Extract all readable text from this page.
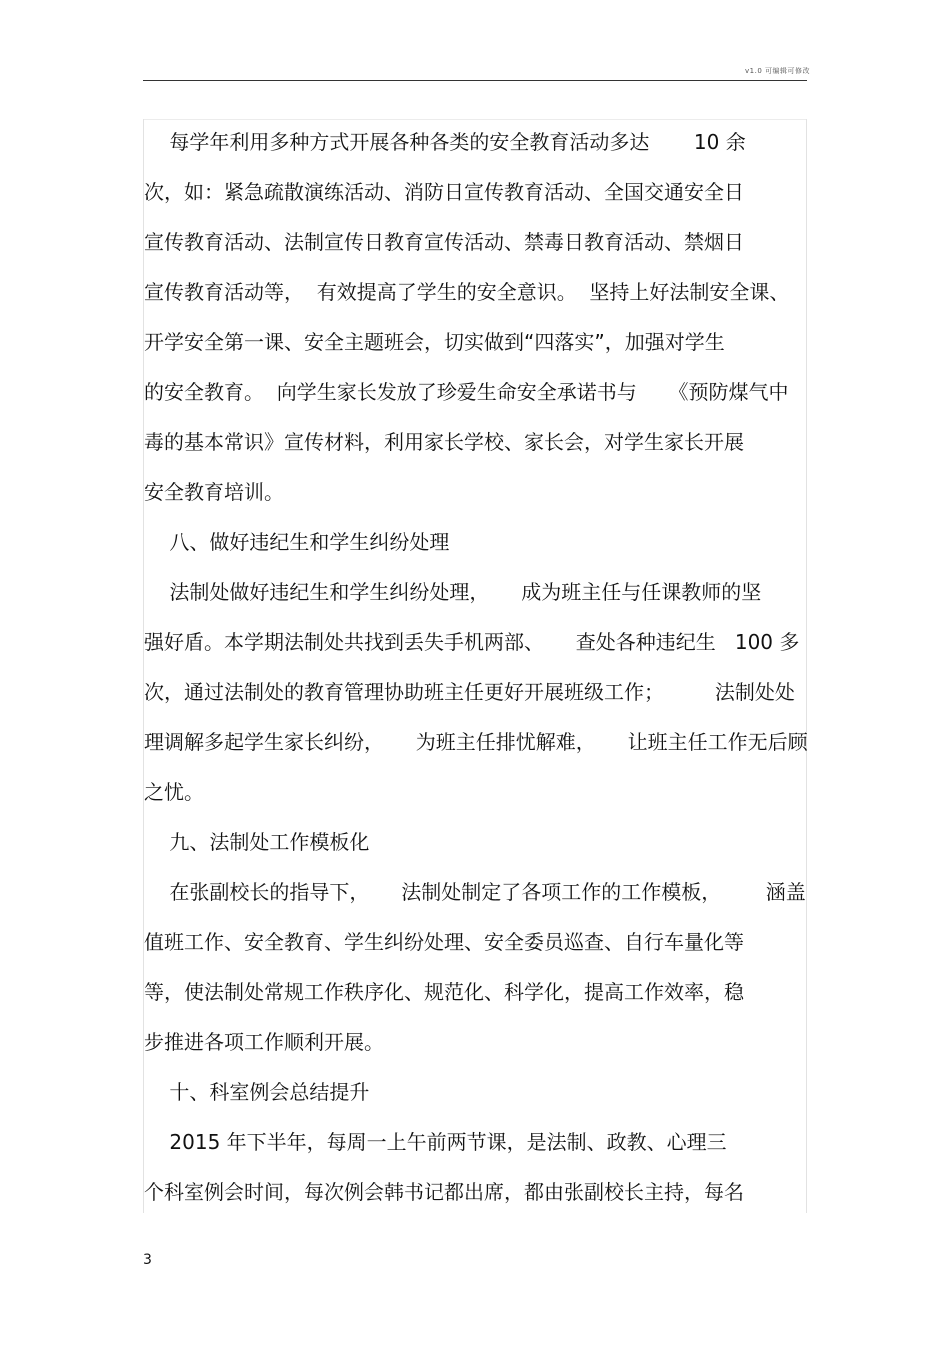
v1.0 可编辑可修改
每学年利用多种方式开展各种各类的安全教育活动多达       10 余
次，如：紧急疏散演练活动、消防日宣传教育活动、全国交通安全日
宣传教育活动、法制宣传日教育宣传活动、禁毒日教育活动、禁烟日
宣传教育活动等，  有效提高了学生的安全意识。  坚持上好法制安全课、
开学安全第一课、安全主题班会，切实做到“四落实”，加强对学生
的安全教育。  向学生家长发放了珍爱生命安全承诺书与     《预防煤气中
毒的基本常识》宣传材料，利用家长学校、家长会，对学生家长开展
安全教育培训。
八、做好违纪生和学生纠纷处理
法制处做好违纪生和学生纠纷处理，     成为班主任与任课教师的坚
强好盾。本学期法制处共找到丢失手机两部、     查处各种违纪生   100 多
次，通过法制处的教育管理协助班主任更好开展班级工作；        法制处处
理调解多起学生家长纠纷，     为班主任排忧解难，     让班主任工作无后顾
之忧。
九、法制处工作模板化
在张副校长的指导下，     法制处制定了各项工作的工作模板，       涵盖
值班工作、安全教育、学生纠纷处理、安全委员巡查、自行车量化等
等，使法制处常规工作秩序化、规范化、科学化，提高工作效率，稳
步推进各项工作顺利开展。
十、科室例会总结提升
2015 年下半年，每周一上午前两节课，是法制、政教、心理三
个科室例会时间，每次例会韩书记都出席，都由张副校长主持，每名
3
